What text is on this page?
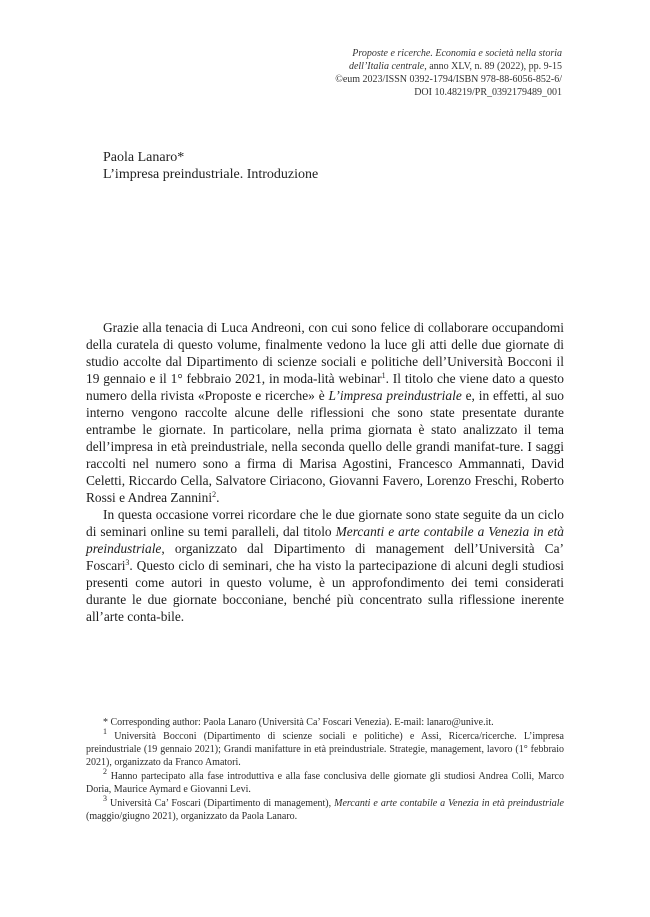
Proposte e ricerche. Economia e società nella storia
dell’Italia centrale, anno XLV, n. 89 (2022), pp. 9-15
©eum 2023/ISSN 0392-1794/ISBN 978-88-6056-852-6/
DOI 10.48219/PR_0392179489_001
Paola Lanaro*
L’impresa preindustriale. Introduzione

Grazie alla tenacia di Luca Andreoni, con cui sono felice di collaborare occupandomi della curatela di questo volume, finalmente vedono la luce gli atti delle due giornate di studio accolte dal Dipartimento di scienze sociali e politiche dell’Università Bocconi il 19 gennaio e il 1° febbraio 2021, in moda-lità webinar$^1$. Il titolo che viene dato a questo numero della rivista «Proposte e ricerche» è L’impresa preindustriale e, in effetti, al suo interno vengono raccolte alcune delle riflessioni che sono state presentate durante entrambe le giornate. In particolare, nella prima giornata è stato analizzato il tema dell’impresa in età preindustriale, nella seconda quello delle grandi manifat-ture. I saggi raccolti nel numero sono a firma di Marisa Agostini, Francesco Ammannati, David Celetti, Riccardo Cella, Salvatore Ciriacono, Giovanni Favero, Lorenzo Freschi, Roberto Rossi e Andrea Zannini$^2$.

In questa occasione vorrei ricordare che le due giornate sono state seguite da un ciclo di seminari online su temi paralleli, dal titolo Mercanti e arte contabile a Venezia in età preindustriale, organizzato dal Dipartimento di management dell’Università Ca’ Foscari$^3$. Questo ciclo di seminari, che ha visto la partecipazione di alcuni degli studiosi presenti come autori in questo volume, è un approfondimento dei temi considerati durante le due giornate bocconiane, benché più concentrato sulla riflessione inerente all’arte conta-bile.

* Corresponding author: Paola Lanaro (Università Ca’ Foscari Venezia). E-mail: lanaro@unive.it.

$^1$ Università Bocconi (Dipartimento di scienze sociali e politiche) e Assi, Ricerca/ricerche. L’impresa preindustriale (19 gennaio 2021); Grandi manifatture in età preindustriale. Strategie, management, lavoro (1° febbraio 2021), organizzato da Franco Amatori.

$^2$ Hanno partecipato alla fase introduttiva e alla fase conclusiva delle giornate gli studiosi Andrea Colli, Marco Doria, Maurice Aymard e Giovanni Levi.

$^3$ Università Ca’ Foscari (Dipartimento di management), Mercanti e arte contabile a Venezia in età preindustriale (maggio/giugno 2021), organizzato da Paola Lanaro.
